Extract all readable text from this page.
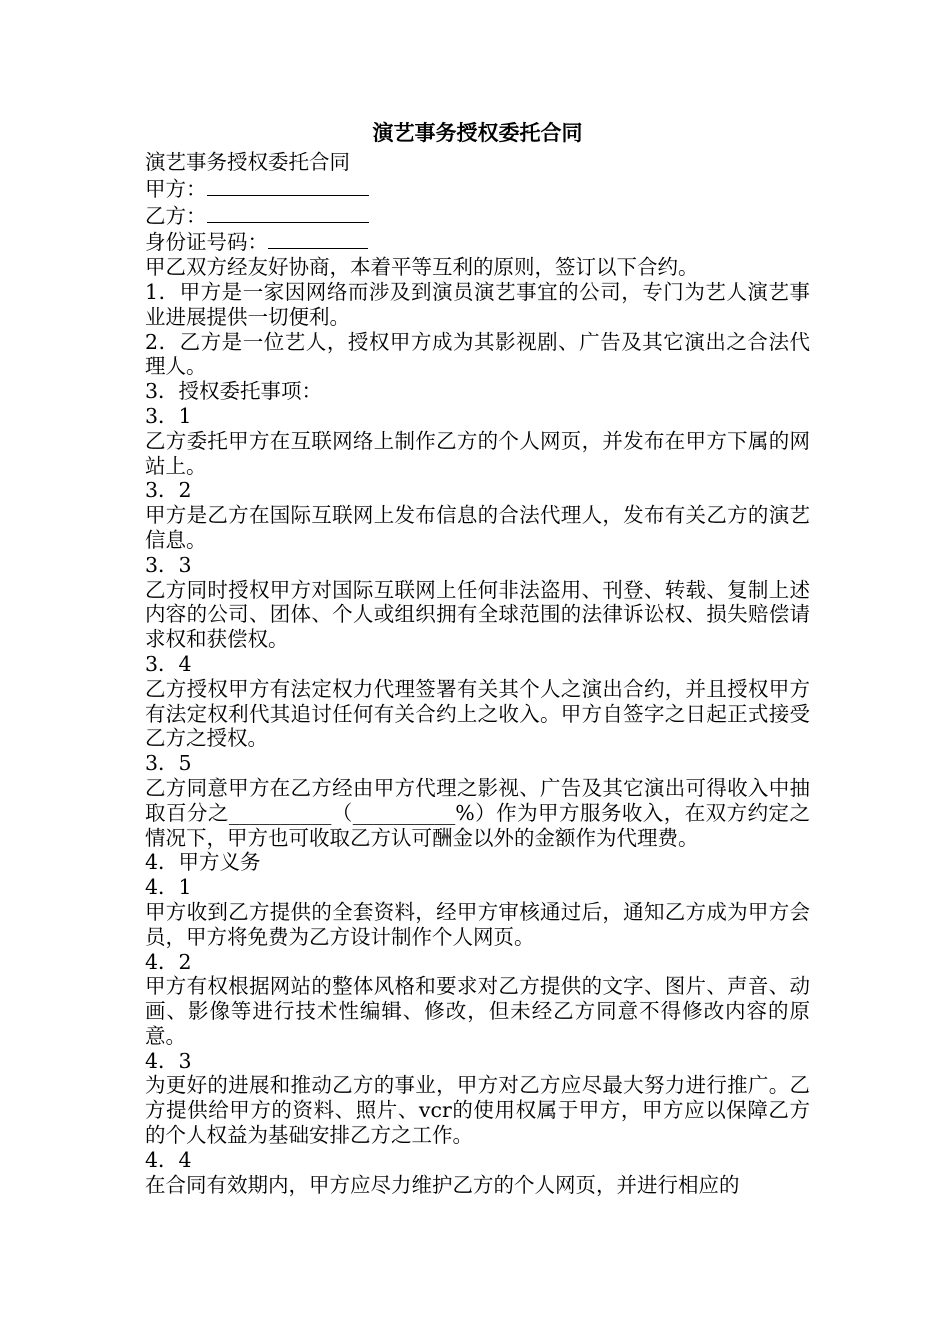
演艺事务授权委托合同

演艺事务授权委托合同

甲方：

乙方：

身份证号码：

甲乙双方经友好协商，本着平等互利的原则，签订以下合约。

1．甲方是一家因网络而涉及到演员演艺事宜的公司，专门为艺人演艺事业进展提供一切便利。

2．乙方是一位艺人，授权甲方成为其影视剧、广告及其它演出之合法代理人。

3．授权委托事项：

3．1

乙方委托甲方在互联网络上制作乙方的个人网页，并发布在甲方下属的网站上。

3．2

甲方是乙方在国际互联网上发布信息的合法代理人，发布有关乙方的演艺信息。

3．3

乙方同时授权甲方对国际互联网上任何非法盗用、刊登、转载、复制上述内容的公司、团体、个人或组织拥有全球范围的法律诉讼权、损失赔偿请求权和获偿权。

3．4

乙方授权甲方有法定权力代理签署有关其个人之演出合约，并且授权甲方有法定权利代其追讨任何有关合约上之收入。甲方自签字之日起正式接受乙方之授权。

3．5

乙方同意甲方在乙方经由甲方代理之影视、广告及其它演出可得收入中抽取百分之__________（__________%）作为甲方服务收入，在双方约定之情况下，甲方也可收取乙方认可酬金以外的金额作为代理费。

4．甲方义务

4．1

甲方收到乙方提供的全套资料，经甲方审核通过后，通知乙方成为甲方会员，甲方将免费为乙方设计制作个人网页。

4．2

甲方有权根据网站的整体风格和要求对乙方提供的文字、图片、声音、动画、影像等进行技术性编辑、修改，但未经乙方同意不得修改内容的原意。

4．3

为更好的进展和推动乙方的事业，甲方对乙方应尽最大努力进行推广。乙方提供给甲方的资料、照片、vcr的使用权属于甲方，甲方应以保障乙方的个人权益为基础安排乙方之工作。

4．4

在合同有效期内，甲方应尽力维护乙方的个人网页，并进行相应的
